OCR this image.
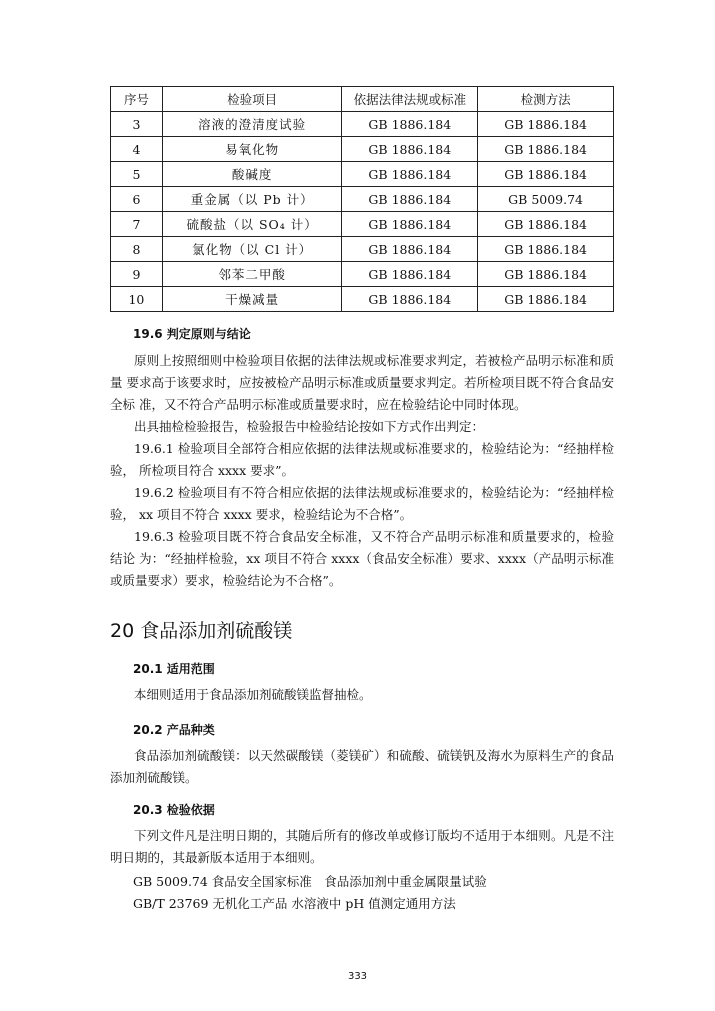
序号	检验项目	依据法律法规或标准	检测方法
3	溶液的澄清度试验	GB 1886.184	GB 1886.184
4	易氧化物	GB 1886.184	GB 1886.184
5	酸碱度	GB 1886.184	GB 1886.184
6	重金属（以 Pb 计）	GB 1886.184	GB 5009.74
7	硫酸盐（以 SO₄ 计）	GB 1886.184	GB 1886.184
8	氯化物（以 Cl 计）	GB 1886.184	GB 1886.184
9	邻苯二甲酸	GB 1886.184	GB 1886.184
10	干燥减量	GB 1886.184	GB 1886.184
19.6 判定原则与结论
原则上按照细则中检验项目依据的法律法规或标准要求判定，若被检产品明示标准和质量 要求高于该要求时，应按被检产品明示标准或质量要求判定。若所检项目既不符合食品安全标 准，又不符合产品明示标准或质量要求时，应在检验结论中同时体现。
出具抽检检验报告，检验报告中检验结论按如下方式作出判定：
19.6.1 检验项目全部符合相应依据的法律法规或标准要求的，检验结论为：“经抽样检验， 所检项目符合 xxxx 要求”。
19.6.2 检验项目有不符合相应依据的法律法规或标准要求的，检验结论为：“经抽样检验， xx 项目不符合 xxxx 要求，检验结论为不合格”。
19.6.3 检验项目既不符合食品安全标准，又不符合产品明示标准和质量要求的，检验结论 为：“经抽样检验，xx 项目不符合 xxxx（食品安全标准）要求、xxxx（产品明示标准或质量要求）要求，检验结论为不合格”。
20 食品添加剂硫酸镁
20.1 适用范围
本细则适用于食品添加剂硫酸镁监督抽检。
20.2 产品种类
食品添加剂硫酸镁：以天然碳酸镁（菱镁矿）和硫酸、硫镁钒及海水为原料生产的食品添加剂硫酸镁。
20.3 检验依据
下列文件凡是注明日期的，其随后所有的修改单或修订版均不适用于本细则。凡是不注明日期的，其最新版本适用于本细则。
GB 5009.74 食品安全国家标准　食品添加剂中重金属限量试验
GB/T 23769 无机化工产品 水溶液中 pH 值测定通用方法
333
